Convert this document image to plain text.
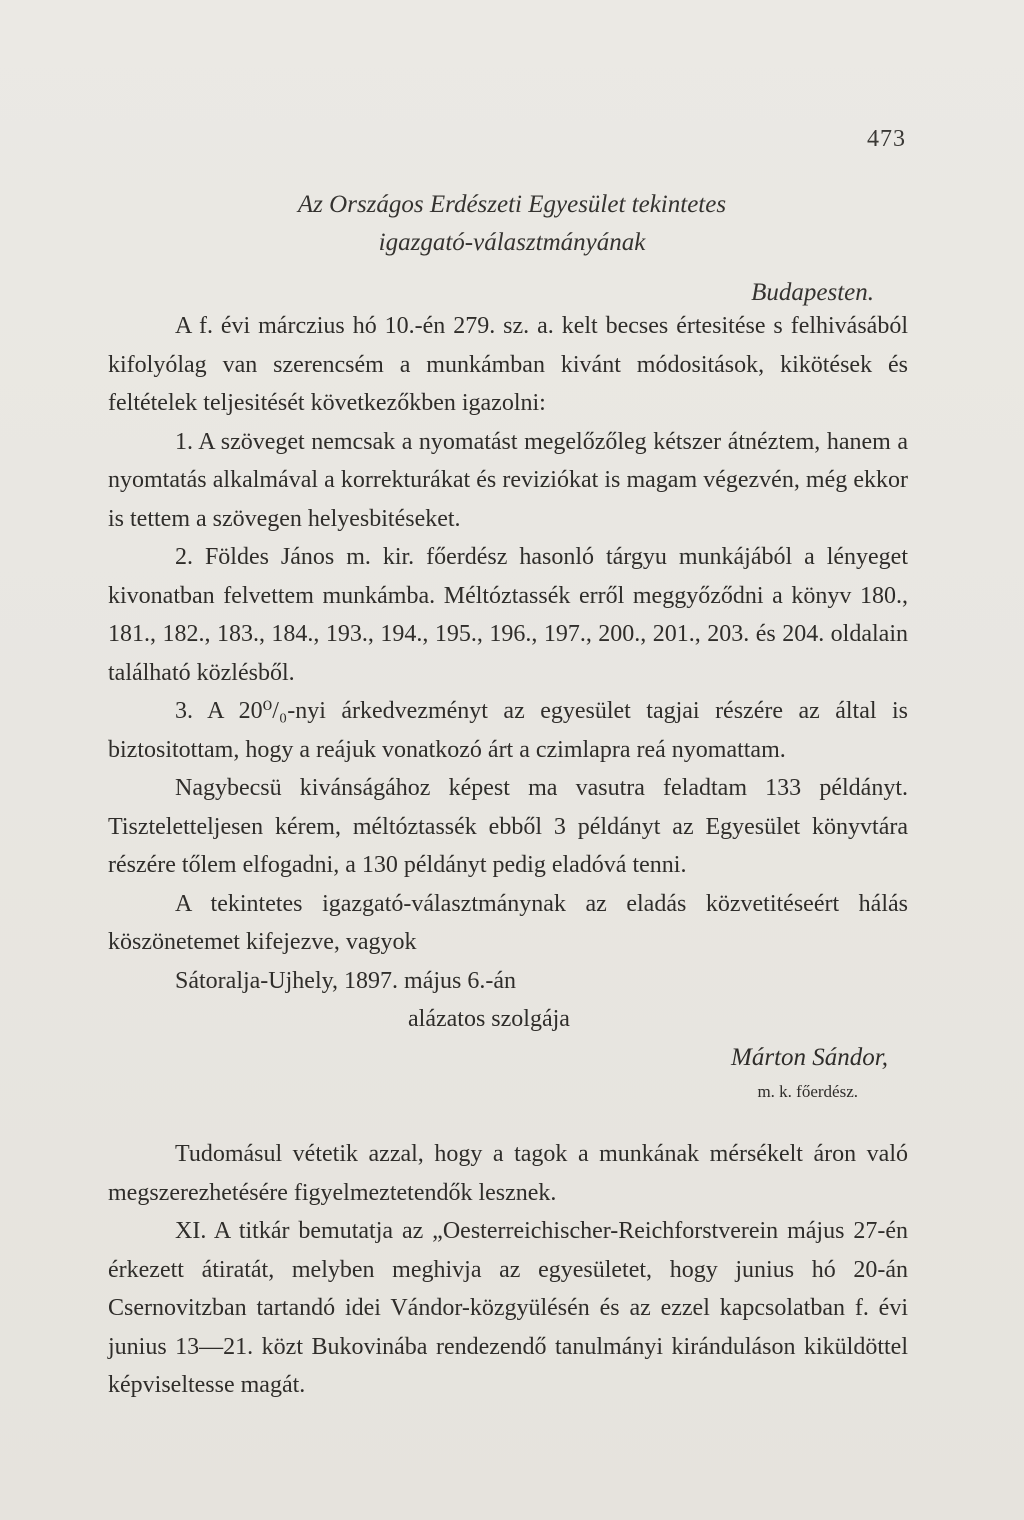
473
Az Országos Erdészeti Egyesület tekintetes
igazgató-választmányának
Budapesten.

A f. évi márczius hó 10.-én 279. sz. a. kelt becses értesitése s felhivásából kifolyólag van szerencsém a munkámban kivánt módositások, kikötések és feltételek teljesitését következőkben igazolni:

1. A szöveget nemcsak a nyomatást megelőzőleg kétszer átnéztem, hanem a nyomtatás alkalmával a korrekturákat és reviziókat is magam végezvén, még ekkor is tettem a szövegen helyesbitéseket.

2. Földes János m. kir. főerdész hasonló tárgyu munkájából a lényeget kivonatban felvettem munkámba. Méltóztassék erről meggyőződni a könyv 180., 181., 182., 183., 184., 193., 194., 195., 196., 197., 200., 201., 203. és 204. oldalain található közlésből.

3. A 20⁰/₀-nyi árkedvezményt az egyesület tagjai részére az által is biztositottam, hogy a reájuk vonatkozó árt a czimlapra reá nyomattam.

Nagybecsü kivánságához képest ma vasutra feladtam 133 példányt. Tiszteletteljesen kérem, méltóztassék ebből 3 példányt az Egyesület könyvtára részére tőlem elfogadni, a 130 példányt pedig eladóvá tenni.

A tekintetes igazgató-választmánynak az eladás közvetitéseért hálás köszönetemet kifejezve, vagyok

Sátoralja-Ujhely, 1897. május 6.-án

alázatos szolgája

Márton Sándor,

m. k. főerdész.

Tudomásul vétetik azzal, hogy a tagok a munkának mérsékelt áron való megszerezhetésére figyelmeztetendők lesznek.

XI. A titkár bemutatja az „Oesterreichischer-Reichforstverein május 27-én érkezett átiratát, melyben meghivja az egyesületet, hogy junius hó 20-án Csernovitzban tartandó idei Vándor-közgyülésén és az ezzel kapcsolatban f. évi junius 13—21. közt Bukovinába rendezendő tanulmányi kiránduláson kiküldöttel képviseltesse magát.
